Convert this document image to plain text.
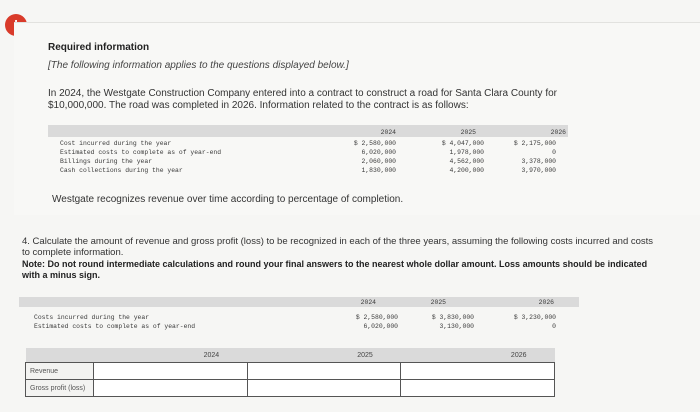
Required information
[The following information applies to the questions displayed below.]
In 2024, the Westgate Construction Company entered into a contract to construct a road for Santa Clara County for $10,000,000. The road was completed in 2026. Information related to the contract is as follows:
2024	2025	2026
Cost incurred during the year	$ 2,580,000	$ 4,047,000	$ 2,175,000
Estimated costs to complete as of year-end	6,020,000	1,978,000	0
Billings during the year	2,060,000	4,562,000	3,378,000
Cash collections during the year	1,830,000	4,200,000	3,970,000
Westgate recognizes revenue over time according to percentage of completion.
4. Calculate the amount of revenue and gross profit (loss) to be recognized in each of the three years, assuming the following costs incurred and costs to complete information.
Note: Do not round intermediate calculations and round your final answers to the nearest whole dollar amount. Loss amounts should be indicated with a minus sign.
2024	2025	2026
Costs incurred during the year	$ 2,580,000	$ 3,830,000	$ 3,230,000
Estimated costs to complete as of year-end	6,020,000	3,130,000	0
	2024	2025	2026
Revenue			
Gross profit (loss)			
